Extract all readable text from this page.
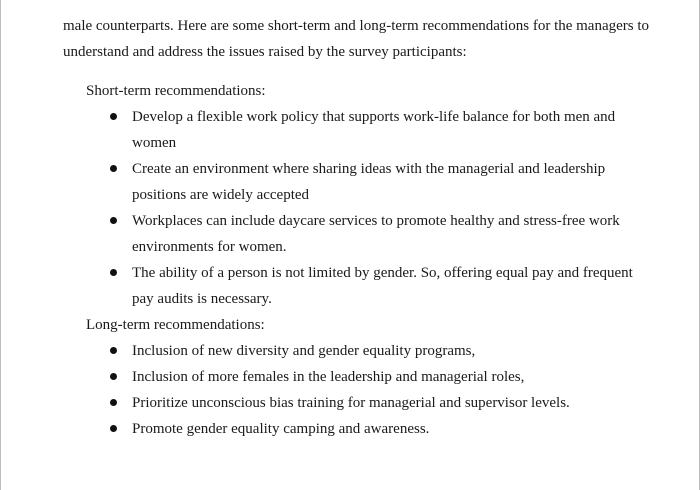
male counterparts. Here are some short-term and long-term recommendations for the managers to understand and address the issues raised by the survey participants:

Short-term recommendations:

Develop a flexible work policy that supports work-life balance for both men and women
Create an environment where sharing ideas with the managerial and leadership positions are widely accepted
Workplaces can include daycare services to promote healthy and stress-free work environments for women.
The ability of a person is not limited by gender. So, offering equal pay and frequent pay audits is necessary.

Long-term recommendations:

Inclusion of new diversity and gender equality programs,
Inclusion of more females in the leadership and managerial roles,
Prioritize unconscious bias training for managerial and supervisor levels.
Promote gender equality camping and awareness.
